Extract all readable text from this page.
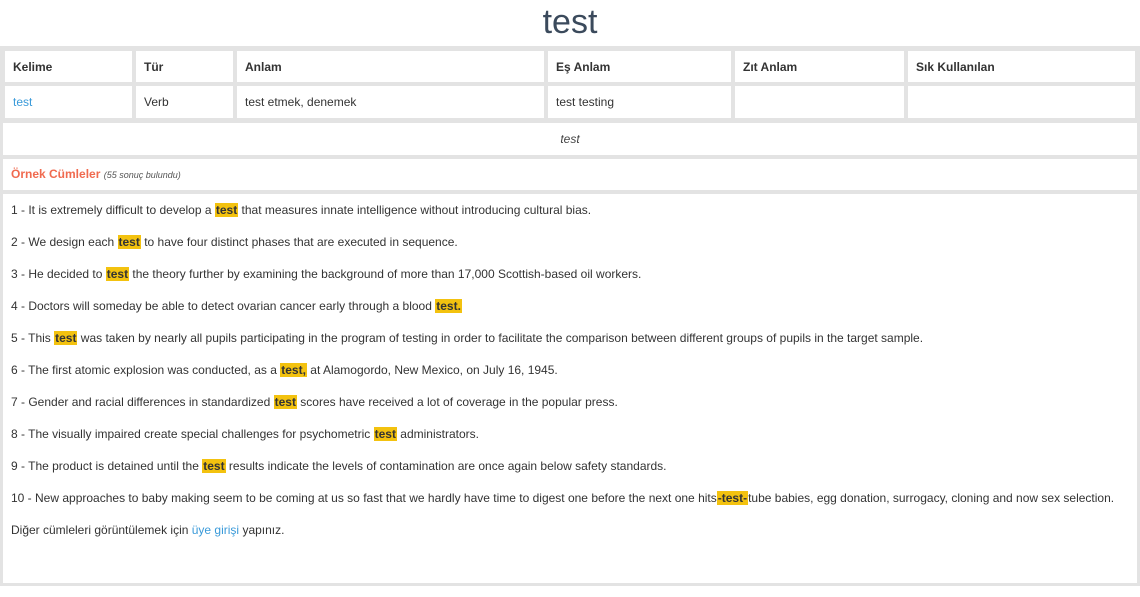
test
Kelime	Tür	Anlam	Eş Anlam	Zıt Anlam	Sık Kullanılan
test	Verb	test etmek, denemek	test testing		
test
Örnek Cümleler (55 sonuç bulundu)
1 - It is extremely difficult to develop a test that measures innate intelligence without introducing cultural bias.
2 - We design each test to have four distinct phases that are executed in sequence.
3 - He decided to test the theory further by examining the background of more than 17,000 Scottish-based oil workers.
4 - Doctors will someday be able to detect ovarian cancer early through a blood test.
5 - This test was taken by nearly all pupils participating in the program of testing in order to facilitate the comparison between different groups of pupils in the target sample.
6 - The first atomic explosion was conducted, as a test, at Alamogordo, New Mexico, on July 16, 1945.
7 - Gender and racial differences in standardized test scores have received a lot of coverage in the popular press.
8 - The visually impaired create special challenges for psychometric test administrators.
9 - The product is detained until the test results indicate the levels of contamination are once again below safety standards.
10 - New approaches to baby making seem to be coming at us so fast that we hardly have time to digest one before the next one hits-test-tube babies, egg donation, surrogacy, cloning and now sex selection.
Diğer cümleleri görüntülemek için üye girişi yapınız.
